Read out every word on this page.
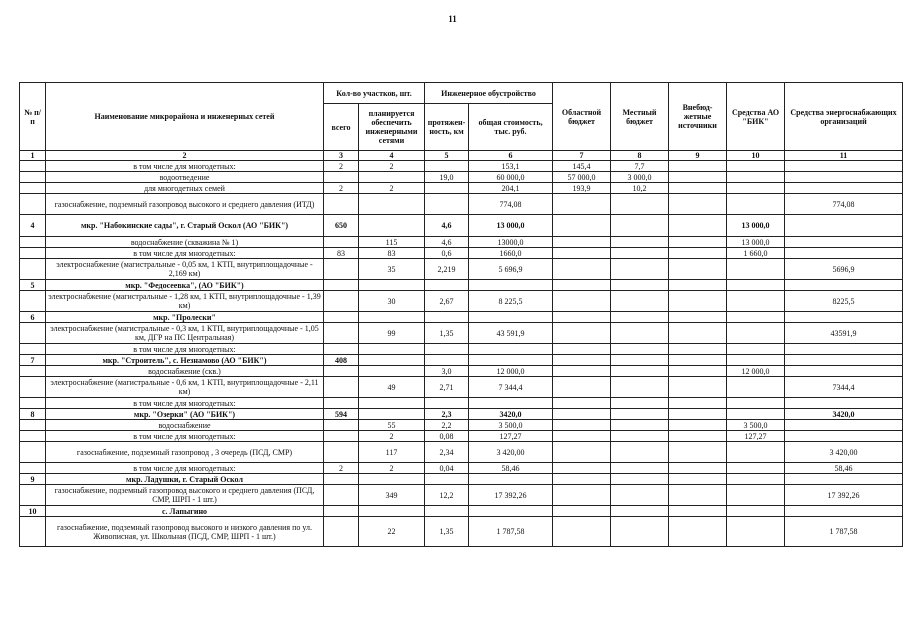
11
№ п/п	Наименование микрорайона и инженерных сетей	Кол-во участков, шт.		Инженерное обустройство		Областной бюджет	Местный бюджет	Внебюд-жетные источники	Средства АО "БИК"	Средства энергоснабжающих организаций
		всего	планируется обеспечить инженерными сетями	протяжен-ность, км	общая стоимость, тыс. руб.					
1	2	3	4	5	6	7	8	9	10	11
	в том числе для многодетных:	2	2		153,1	145,4	7,7			
	водоотведение			19,0	60 000,0	57 000,0	3 000,0			
	для многодетных семей	2	2		204,1	193,9	10,2			
	газоснабжение, подземный газопровод высокого и среднего давления (ИТД)				774,08					774,08
4	мкр. "Набокинские сады", г. Старый Оскол (АО "БИК")	650		4,6	13 000,0				13 000,0	
	водоснабжение (скважина № 1)		115	4,6	13000,0				13 000,0	
	в том числе для многодетных:	83	83	0,6	1660,0				1 660,0	
	электроснабжение (магистральные - 0,05 км, 1 КТП, внутриплощадочные - 2,169 км)		35	2,219	5 696,9					5696,9
5	мкр. "Федосеевка", (АО "БИК")									
	электроснабжение (магистральные - 1,28 км, 1 КТП, внутриплощадочные - 1,39 км)		30	2,67	8 225,5					8225,5
6	мкр. "Пролески"									
	электроснабжение (магистральные - 0,3 км, 1 КТП, внутриплощадочные - 1,05 км, ДГР на ПС Центральная)		99	1,35	43 591,9					43591,9
	в том числе для многодетных:									
7	мкр. "Строитель", с. Незнамово (АО "БИК")	408								
	водоснабжение (скв.)			3,0	12 000,0				12 000,0	
	электроснабжение (магистральные - 0,6 км, 1 КТП, внутриплощадочные - 2,11 км)		49	2,71	7 344,4					7344,4
	в том числе для многодетных:									
8	мкр. "Озерки" (АО "БИК")	594		2,3	3420,0					3420,0
	водоснабжение		55	2,2	3 500,0				3 500,0	
	в том числе для многодетных:		2	0,08	127,27				127,27	
	газоснабжение, подземный газопровод , 3 очередь (ПСД, СМР)		117	2,34	3 420,00					3 420,00
	в том числе для многодетных:	2	2	0,04	58,46					58,46
9	мкр. Ладушки, г. Старый Оскол									
	газоснабжение, подземный газопровод высокого и среднего давления (ПСД, СМР, ШРП - 1 шт.)		349	12,2	17 392,26					17 392,26
10	с. Лапыгино									
	газоснабжение, подземный газопровод высокого и низкого давления по ул. Живописная, ул. Школьная (ПСД, СМР, ШРП - 1 шт.)		22	1,35	1 787,58					1 787,58
